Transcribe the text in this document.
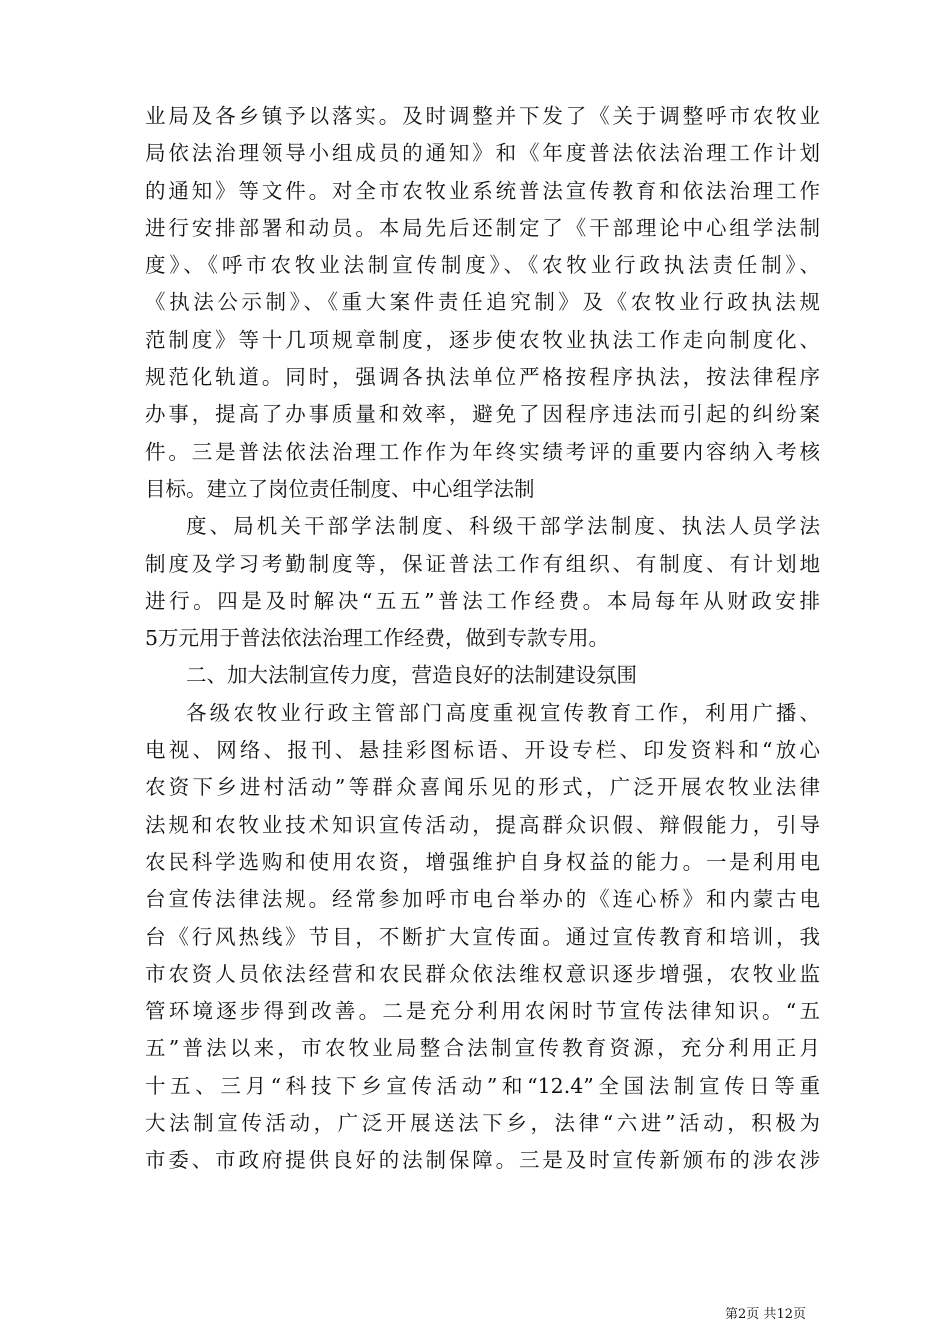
业局及各乡镇予以落实。及时调整并下发了《关于调整呼市农牧业
局依法治理领导小组成员的通知》和《年度普法依法治理工作计划
的通知》等文件。对全市农牧业系统普法宣传教育和依法治理工作
进行安排部署和动员。本局先后还制定了《干部理论中心组学法制
度》、《呼市农牧业法制宣传制度》、《农牧业行政执法责任制》、
《执法公示制》、《重大案件责任追究制》及《农牧业行政执法规
范制度》等十几项规章制度，逐步使农牧业执法工作走向制度化、
规范化轨道。同时，强调各执法单位严格按程序执法，按法律程序
办事，提高了办事质量和效率，避免了因程序违法而引起的纠纷案
件。三是普法依法治理工作作为年终实绩考评的重要内容纳入考核
目标。建立了岗位责任制度、中心组学法制
度、局机关干部学法制度、科级干部学法制度、执法人员学法
制度及学习考勤制度等，保证普法工作有组织、有制度、有计划地
进行。四是及时解决“五五”普法工作经费。本局每年从财政安排
5万元用于普法依法治理工作经费，做到专款专用。
二、加大法制宣传力度，营造良好的法制建设氛围
各级农牧业行政主管部门高度重视宣传教育工作，利用广播、
电视、网络、报刊、悬挂彩图标语、开设专栏、印发资料和“放心
农资下乡进村活动”等群众喜闻乐见的形式，广泛开展农牧业法律
法规和农牧业技术知识宣传活动，提高群众识假、辩假能力，引导
农民科学选购和使用农资，增强维护自身权益的能力。一是利用电
台宣传法律法规。经常参加呼市电台举办的《连心桥》和内蒙古电
台《行风热线》节目，不断扩大宣传面。通过宣传教育和培训，我
市农资人员依法经营和农民群众依法维权意识逐步增强，农牧业监
管环境逐步得到改善。二是充分利用农闲时节宣传法律知识。“五
五”普法以来，市农牧业局整合法制宣传教育资源，充分利用正月
十五、三月“科技下乡宣传活动”和“12.4”全国法制宣传日等重
大法制宣传活动，广泛开展送法下乡，法律“六进”活动，积极为
市委、市政府提供良好的法制保障。三是及时宣传新颁布的涉农涉
第2页 共12页
